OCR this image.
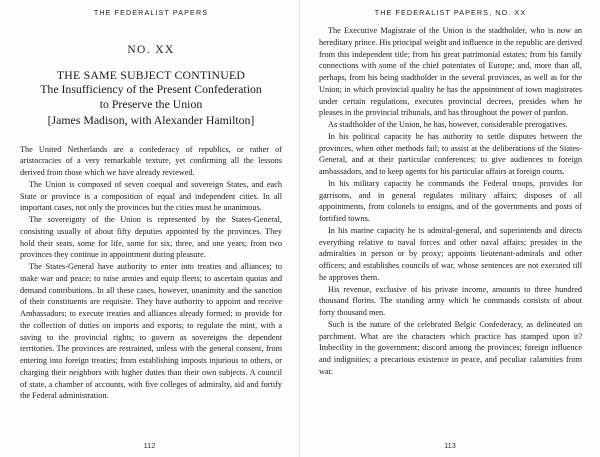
THE FEDERALIST PAPERS
NO. XX
THE SAME SUBJECT CONTINUED
The Insufficiency of the Present Confederation
to Preserve the Union
[James Madison, with Alexander Hamilton]

The United Netherlands are a confederacy of republics, or rather of aristocracies of a very remarkable texture, yet confirming all the lessons derived from those which we have already reviewed.

The Union is composed of seven coequal and sovereign States, and each State or province is a composition of equal and independent cities. In all important cases, not only the provinces but the cities must be unanimous.

The sovereignty of the Union is represented by the States-General, consisting usually of about fifty deputies appointed by the provinces. They hold their seats, some for life, some for six, three, and one years; from two provinces they continue in appointment during pleasure.

The States-General have authority to enter into treaties and alliances; to make war and peace; to raise armies and equip fleets; to ascertain quotas and demand contributions. In all these cases, however, unanimity and the sanction of their constituents are requisite. They have authority to appoint and receive Ambassadors; to execute treaties and alliances already formed; to provide for the collection of duties on imports and exports; to regulate the mint, with a saving to the provincial rights; to govern as sovereigns the dependent territories. The provinces are restrained, unless with the general consent, from entering into foreign treaties; from establishing imposts injurious to others, or charging their neighbors with higher duties than their own subjects. A council of state, a chamber of accounts, with five colleges of admiralty, aid and fortify the Federal administration.

112
THE FEDERALIST PAPERS, NO. XX

The Executive Magistrate of the Union is the stadtholder, who is now an hereditary prince. His principal weight and influence in the republic are derived from this independent title; from his great patrimonial estates; from his family connections with some of the chief potentates of Europe; and, more than all, perhaps, from his being stadtholder in the several provinces, as well as for the Union; in which provincial quality he has the appointment of town magistrates under certain regulations, executes provincial decrees, presides when he pleases in the provincial tribunals, and has throughout the power of pardon.

As stadtholder of the Union, he has, however, considerable prerogatives.

In his political capacity he has authority to settle disputes between the provinces, when other methods fail; to assist at the deliberations of the States-General, and at their particular conferences; to give audiences to foreign ambassadors, and to keep agents for his particular affairs at foreign courts.

In his military capacity he commands the Federal troops, provides for garrisons, and in general regulates military affairs; disposes of all appointments, from colonels to ensigns, and of the governments and posts of fortified towns.

In his marine capacity he is admiral-general, and superintends and directs everything relative to naval forces and other naval affairs; presides in the admiralties in person or by proxy; appoints lieutenant-admirals and other officers; and establishes councils of war, whose sentences are not executed till he approves them.

His revenue, exclusive of his private income, amounts to three hundred thousand florins. The standing army which he commands consists of about forty thousand men.

Such is the nature of the celebrated Belgic Confederacy, as delineated on parchment. What are the characters which practice has stamped upon it? Imbecility in the government; discord among the provinces; foreign influence and indignities; a precarious existence in peace, and peculiar calamities from war.

113
